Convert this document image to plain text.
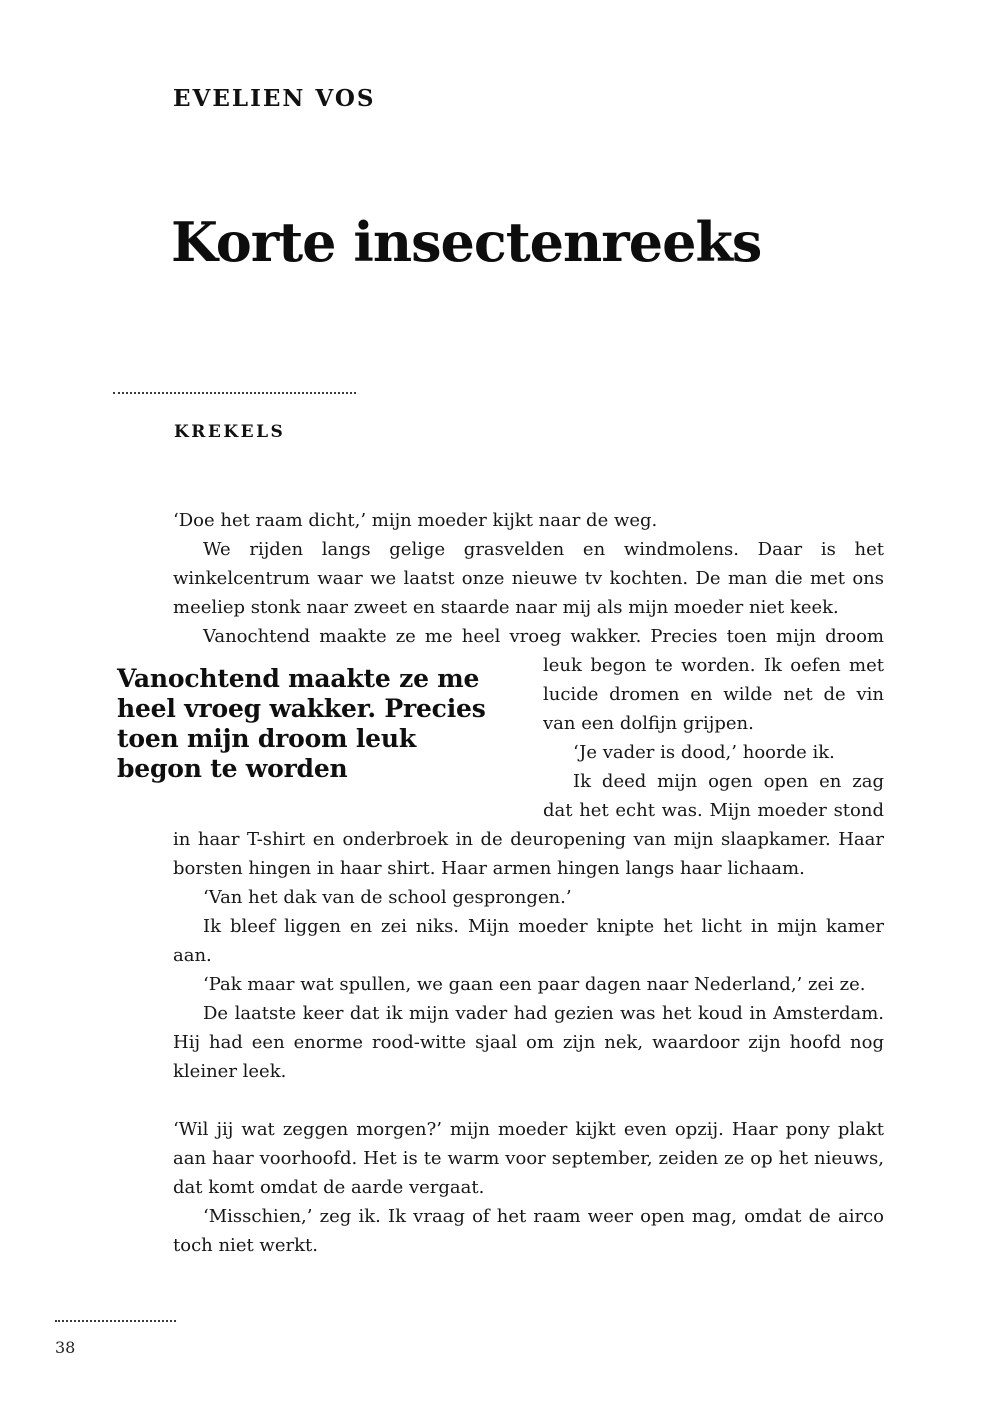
EVELIEN VOS
Korte insectenreeks
KREKELS

‘Doe het raam dicht,’ mijn moeder kijkt naar de weg.

We rijden langs gelige grasvelden en windmolens. Daar is het winkelcentrum waar we laatst onze nieuwe tv kochten. De man die met ons meeliep stonk naar zweet en staarde naar mij als mijn moeder niet keek.

Vanochtend maakte ze me heel vroeg wakker. Precies toen mijn droom leuk
Vanochtend maakte ze me heel vroeg wakker. Precies toen mijn droom leuk begon te worden
begon te worden. Ik oefen met lucide dromen en wilde net de vin van een dolfijn grijpen.

‘Je vader is dood,’ hoorde ik.

Ik deed mijn ogen open en zag dat het echt was. Mijn moeder stond in haar T-shirt en onderbroek in de deuropening van mijn slaapkamer. Haar borsten hingen in haar shirt. Haar armen hingen langs haar lichaam.

‘Van het dak van de school gesprongen.’

Ik bleef liggen en zei niks. Mijn moeder knipte het licht in mijn kamer aan.

‘Pak maar wat spullen, we gaan een paar dagen naar Nederland,’ zei ze.

De laatste keer dat ik mijn vader had gezien was het koud in Amsterdam. Hij had een enorme rood-witte sjaal om zijn nek, waardoor zijn hoofd nog kleiner leek.

‘Wil jij wat zeggen morgen?’ mijn moeder kijkt even opzij. Haar pony plakt aan haar voorhoofd. Het is te warm voor september, zeiden ze op het nieuws, dat komt omdat de aarde vergaat.

‘Misschien,’ zeg ik. Ik vraag of het raam weer open mag, omdat de airco toch niet werkt.

38
